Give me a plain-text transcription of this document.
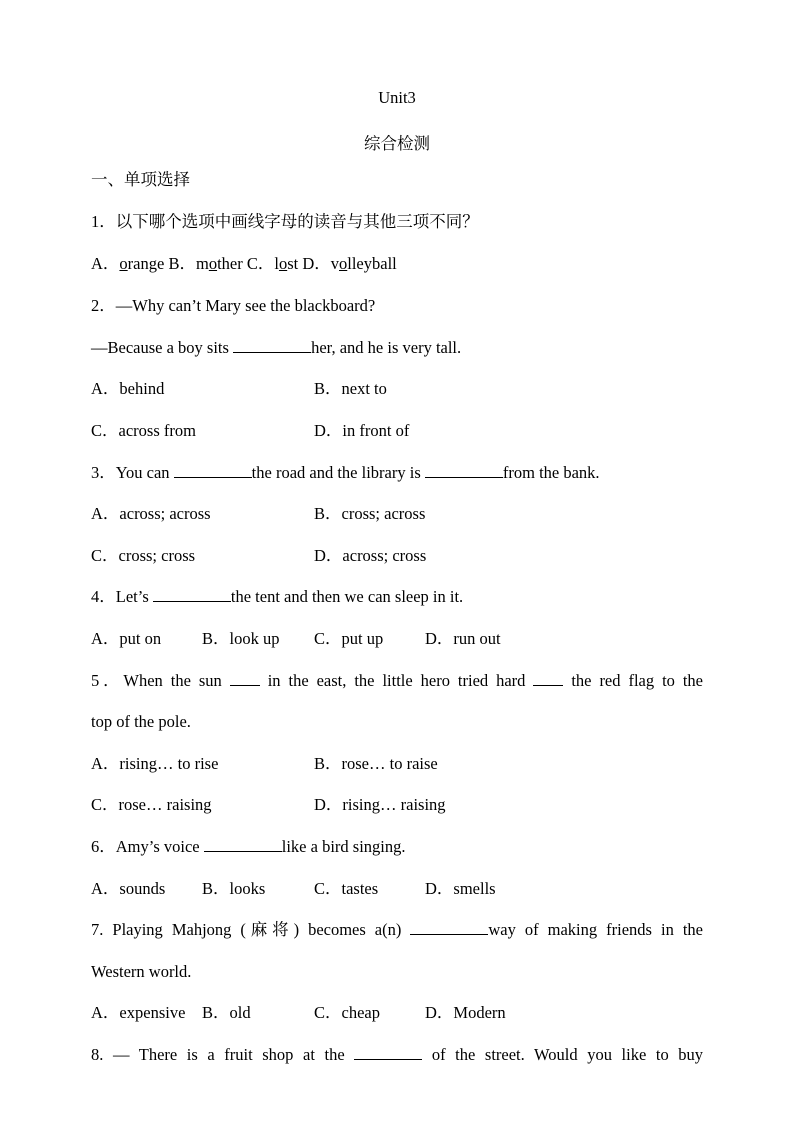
Unit3
综合检测
一、单项选择
1．以下哪个选项中画线字母的读音与其他三项不同？
A．orange B．mother C．lost D．volleyball
2．—Why can’t Mary see the blackboard?
—Because a boy sits	her, and he is very tall.
A．behind	B．next to
C．across from	D．in front of
3．You can	the road and the library is	from the bank.
A．across; across	B．cross; across
C．cross; cross	D．across; cross
4．Let’s	the tent and then we can sleep in it.
A．put on B．look up C．put up	D．run out
5．When the sun	in the east, the little hero tried hard	the red flag to the
top of the pole.
A．rising… to rise	B．rose… to raise
C．rose… raising	D．rising… raising
6．Amy’s voice	like a bird singing.
A．sounds B．looks	C．tastes	D．smells
7. Playing Mahjong (麻将) becomes a(n)	way of making friends in the
Western world.
A．expensive B．old	C．cheap	D．Modern
8. — There is a fruit shop at the	of the street. Would you like to buy
